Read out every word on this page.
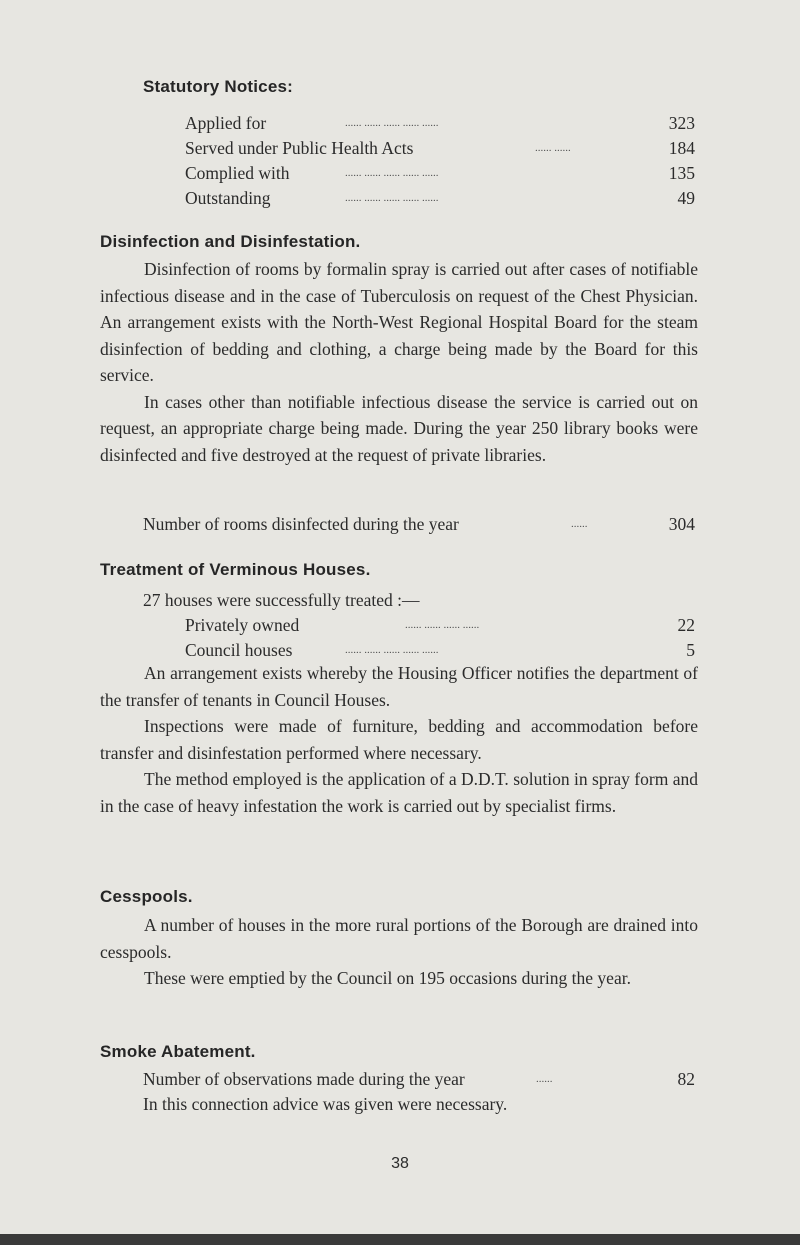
Statutory Notices:
Applied for	...... ...... ...... ...... ......	323
Served under Public Health Acts	...... ......	184
Complied with	...... ...... ...... ...... ......	135
Outstanding	...... ...... ...... ...... ......	49
Disinfection and Disinfestation.

Disinfection of rooms by formalin spray is carried out after cases of notifiable infectious disease and in the case of Tuberculosis on request of the Chest Physician. An arrangement exists with the North-West Regional Hospital Board for the steam disinfection of bedding and clothing, a charge being made by the Board for this service.

In cases other than notifiable infectious disease the service is carried out on request, an appropriate charge being made. During the year 250 library books were disinfected and five destroyed at the request of private libraries.

Number of rooms disinfected during the year	......	304
Treatment of Verminous Houses.
27 houses were successfully treated :—
Privately owned	...... ...... ...... ......	22
Council houses	...... ...... ...... ...... ......	5

An arrangement exists whereby the Housing Officer notifies the department of the transfer of tenants in Council Houses.

Inspections were made of furniture, bedding and accommodation before transfer and disinfestation performed where necessary.

The method employed is the application of a D.D.T. solution in spray form and in the case of heavy infestation the work is carried out by specialist firms.

Cesspools.

A number of houses in the more rural portions of the Borough are drained into cesspools.

These were emptied by the Council on 195 occasions during the year.

Smoke Abatement.
Number of observations made during the year	......	82
In this connection advice was given were necessary.
38
